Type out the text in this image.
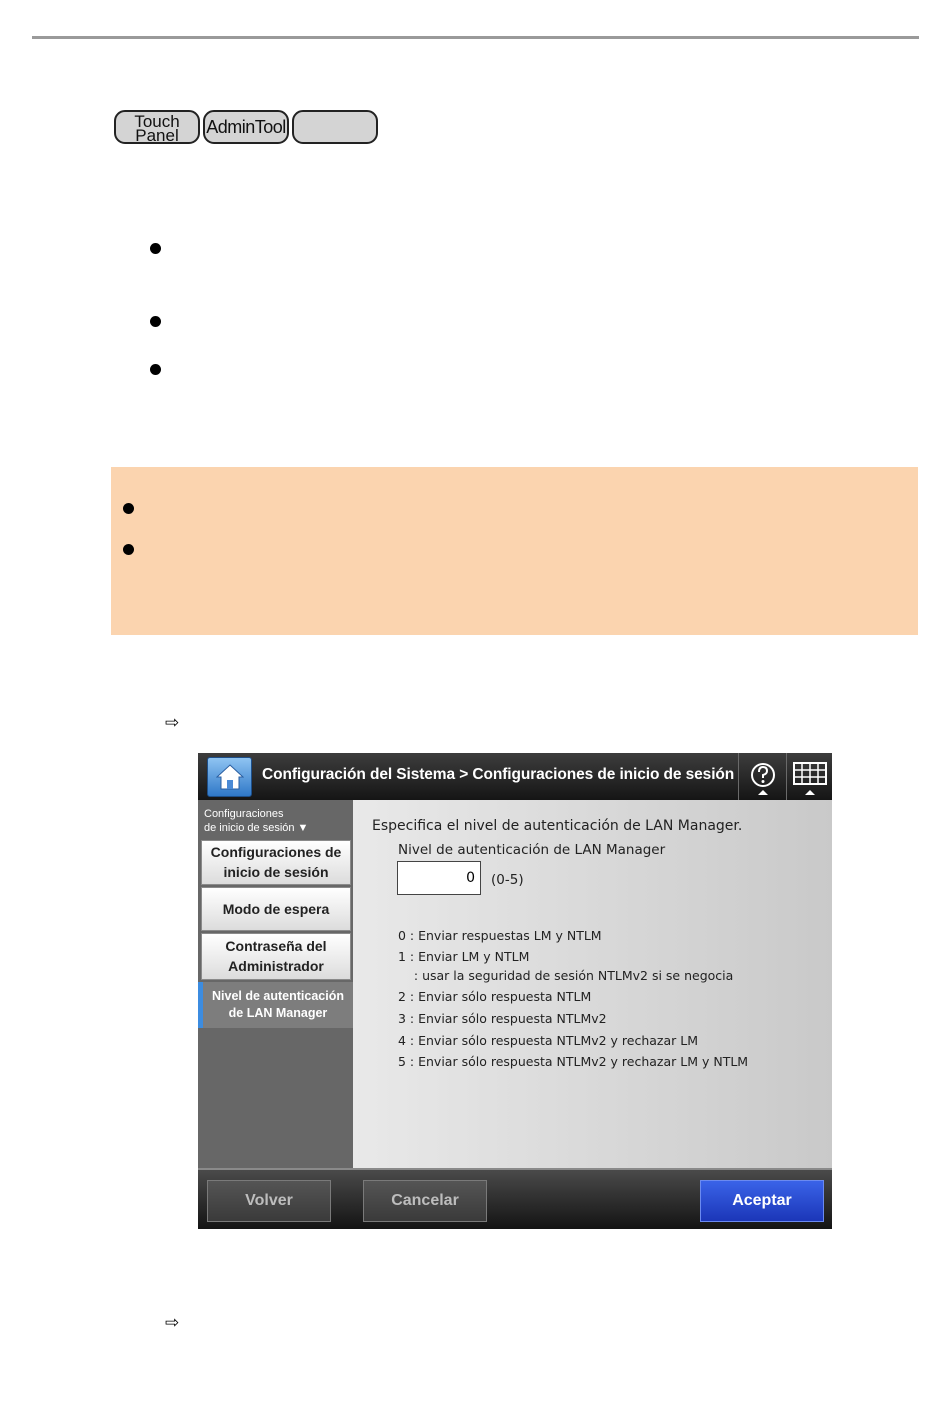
Touch
Panel	AdminTool
⇨
Configuración del Sistema > Configuraciones de inicio de sesión
Configuraciones
de inicio de sesión ▼
Configuraciones de
inicio de sesión
Modo de espera
Contraseña del
Administrador
Nivel de autenticación
de LAN Manager
Especifica el nivel de autenticación de LAN Manager.
Nivel de autenticación de LAN Manager
0	(0-5)
0 : Enviar respuestas LM y NTLM
1 : Enviar LM y NTLM
: usar la seguridad de sesión NTLMv2 si se negocia
2 : Enviar sólo respuesta NTLM
3 : Enviar sólo respuesta NTLMv2
4 : Enviar sólo respuesta NTLMv2 y rechazar LM
5 : Enviar sólo respuesta NTLMv2 y rechazar LM y NTLM
Volver	Cancelar	Aceptar
⇨
